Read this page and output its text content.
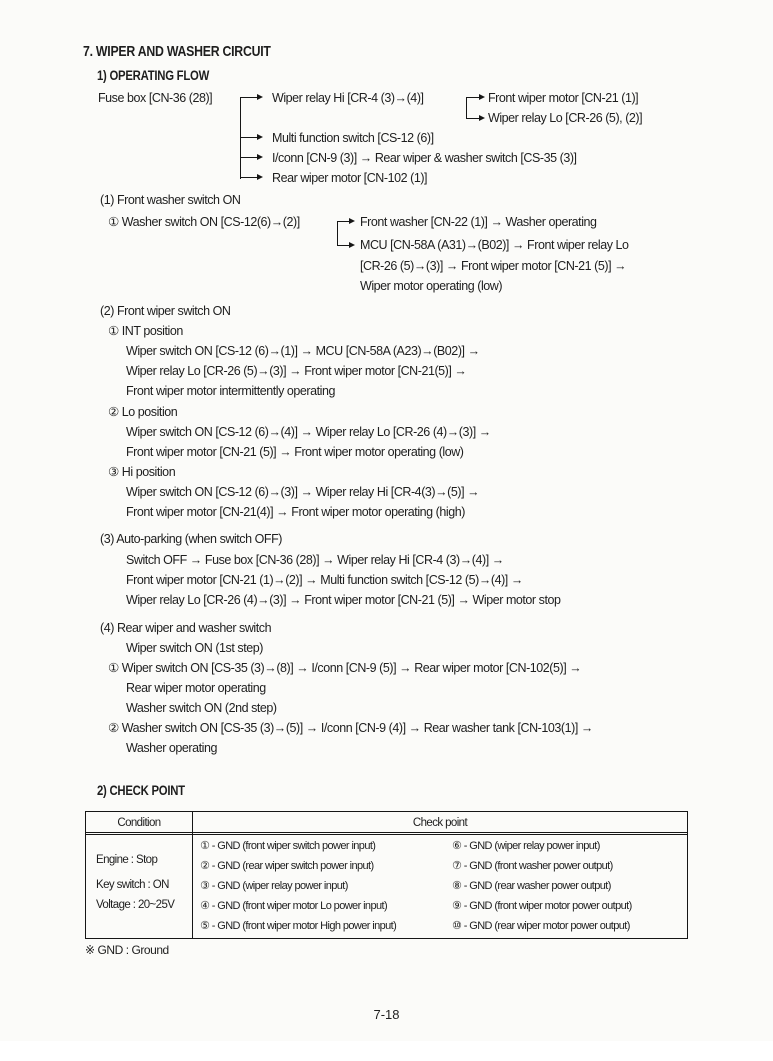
7. WIPER AND WASHER CIRCUIT
1) OPERATING FLOW
Fuse box [CN-36 (28)]	Wiper relay Hi [CR-4 (3)→(4)]	Front wiper motor [CN-21 (1)]
Wiper relay Lo [CR-26 (5), (2)]
Multi function switch [CS-12 (6)]
I/conn [CN-9 (3)] → Rear wiper & washer switch [CS-35 (3)]
Rear wiper motor [CN-102 (1)]
(1) Front washer switch ON
① Washer switch ON [CS-12(6)→(2)]	Front washer [CN-22 (1)] → Washer operating
MCU [CN-58A (A31)→(B02)] → Front wiper relay Lo
[CR-26 (5)→(3)] → Front wiper motor [CN-21 (5)] →
Wiper motor operating (low)
(2) Front wiper switch ON
① INT position
Wiper switch ON [CS-12 (6)→(1)] → MCU [CN-58A (A23)→(B02)] →
Wiper relay Lo [CR-26 (5)→(3)] → Front wiper motor [CN-21(5)] →
Front wiper motor intermittently operating
② Lo position
Wiper switch ON [CS-12 (6)→(4)] → Wiper relay Lo [CR-26 (4)→(3)] →
Front wiper motor [CN-21 (5)] → Front wiper motor operating (low)
③ Hi position
Wiper switch ON [CS-12 (6)→(3)] → Wiper relay Hi [CR-4(3)→(5)] →
Front wiper motor [CN-21(4)] → Front wiper motor operating (high)
(3) Auto-parking (when switch OFF)
Switch OFF → Fuse box [CN-36 (28)] → Wiper relay Hi [CR-4 (3)→(4)] →
Front wiper motor [CN-21 (1)→(2)] → Multi function switch [CS-12 (5)→(4)] →
Wiper relay Lo [CR-26 (4)→(3)] → Front wiper motor [CN-21 (5)] → Wiper motor stop
(4) Rear wiper and washer switch
Wiper switch ON (1st step)
① Wiper switch ON [CS-35 (3)→(8)] → I/conn [CN-9 (5)] → Rear wiper motor [CN-102(5)] →
Rear wiper motor operating
Washer switch ON (2nd step)
② Washer switch ON [CS-35 (3)→(5)] → I/conn [CN-9 (4)] → Rear washer tank [CN-103(1)] →
Washer operating
2) CHECK POINT
Condition	Check point
Engine : Stop
Key switch : ON
Voltage : 20~25V
① - GND (front wiper switch power input)
② - GND (rear wiper switch power input)
③ - GND (wiper relay power input)
④ - GND (front wiper motor Lo power input)
⑤ - GND (front wiper motor High power input)
⑥ - GND (wiper relay power input)
⑦ - GND (front washer power output)
⑧ - GND (rear washer power output)
⑨ - GND (front wiper motor power output)
⑩ - GND (rear wiper motor power output)
※ GND : Ground
7-18
